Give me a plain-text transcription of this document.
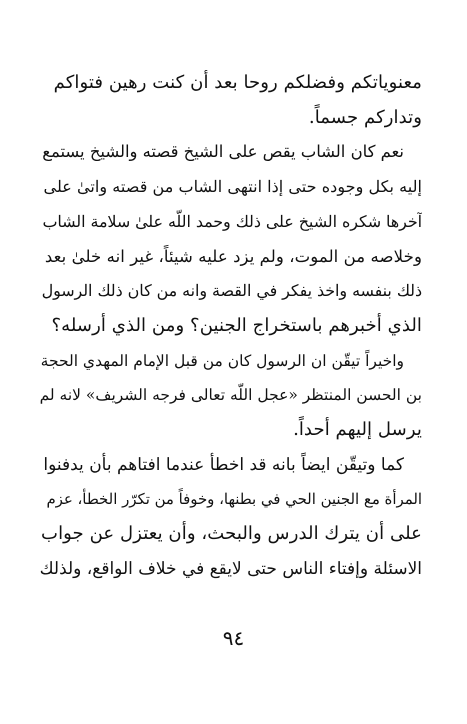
معنوياتكم وفضلكم روحا بعد أن كنت رهين فتواكم
وتداركم جسماً.
نعم كان الشاب يقص على الشيخ قصته والشيخ يستمع
إليه بكل وجوده حتى إذا انتهى الشاب من قصته واتىٰ على
آخرها شكره الشيخ على ذلك وحمد اللّه علىٰ سلامة الشاب
وخلاصه من الموت، ولم يزد عليه شيئاً، غير انه خلىٰ بعد
ذلك بنفسه واخذ يفكر في القصة وانه من كان ذلك الرسول
الذي أخبرهم باستخراج الجنين؟ ومن الذي أرسله؟
واخيراً تيقّن ان الرسول كان من قبل الإمام المهدي الحجة
بن الحسن المنتظر «عجل اللّه تعالى فرجه الشريف» لانه لم
يرسل إليهم أحداً.
كما وتيقّن ايضاً بانه قد اخطأ عندما افتاهم بأن يدفنوا
المرأة مع الجنين الحي في بطنها، وخوفاً من تكرّر الخطأ، عزم
على أن يترك الدرس والبحث، وأن يعتزل عن جواب
الاسئلة وإفتاء الناس حتى لايقع في خلاف الواقع، ولذلك
٩٤
